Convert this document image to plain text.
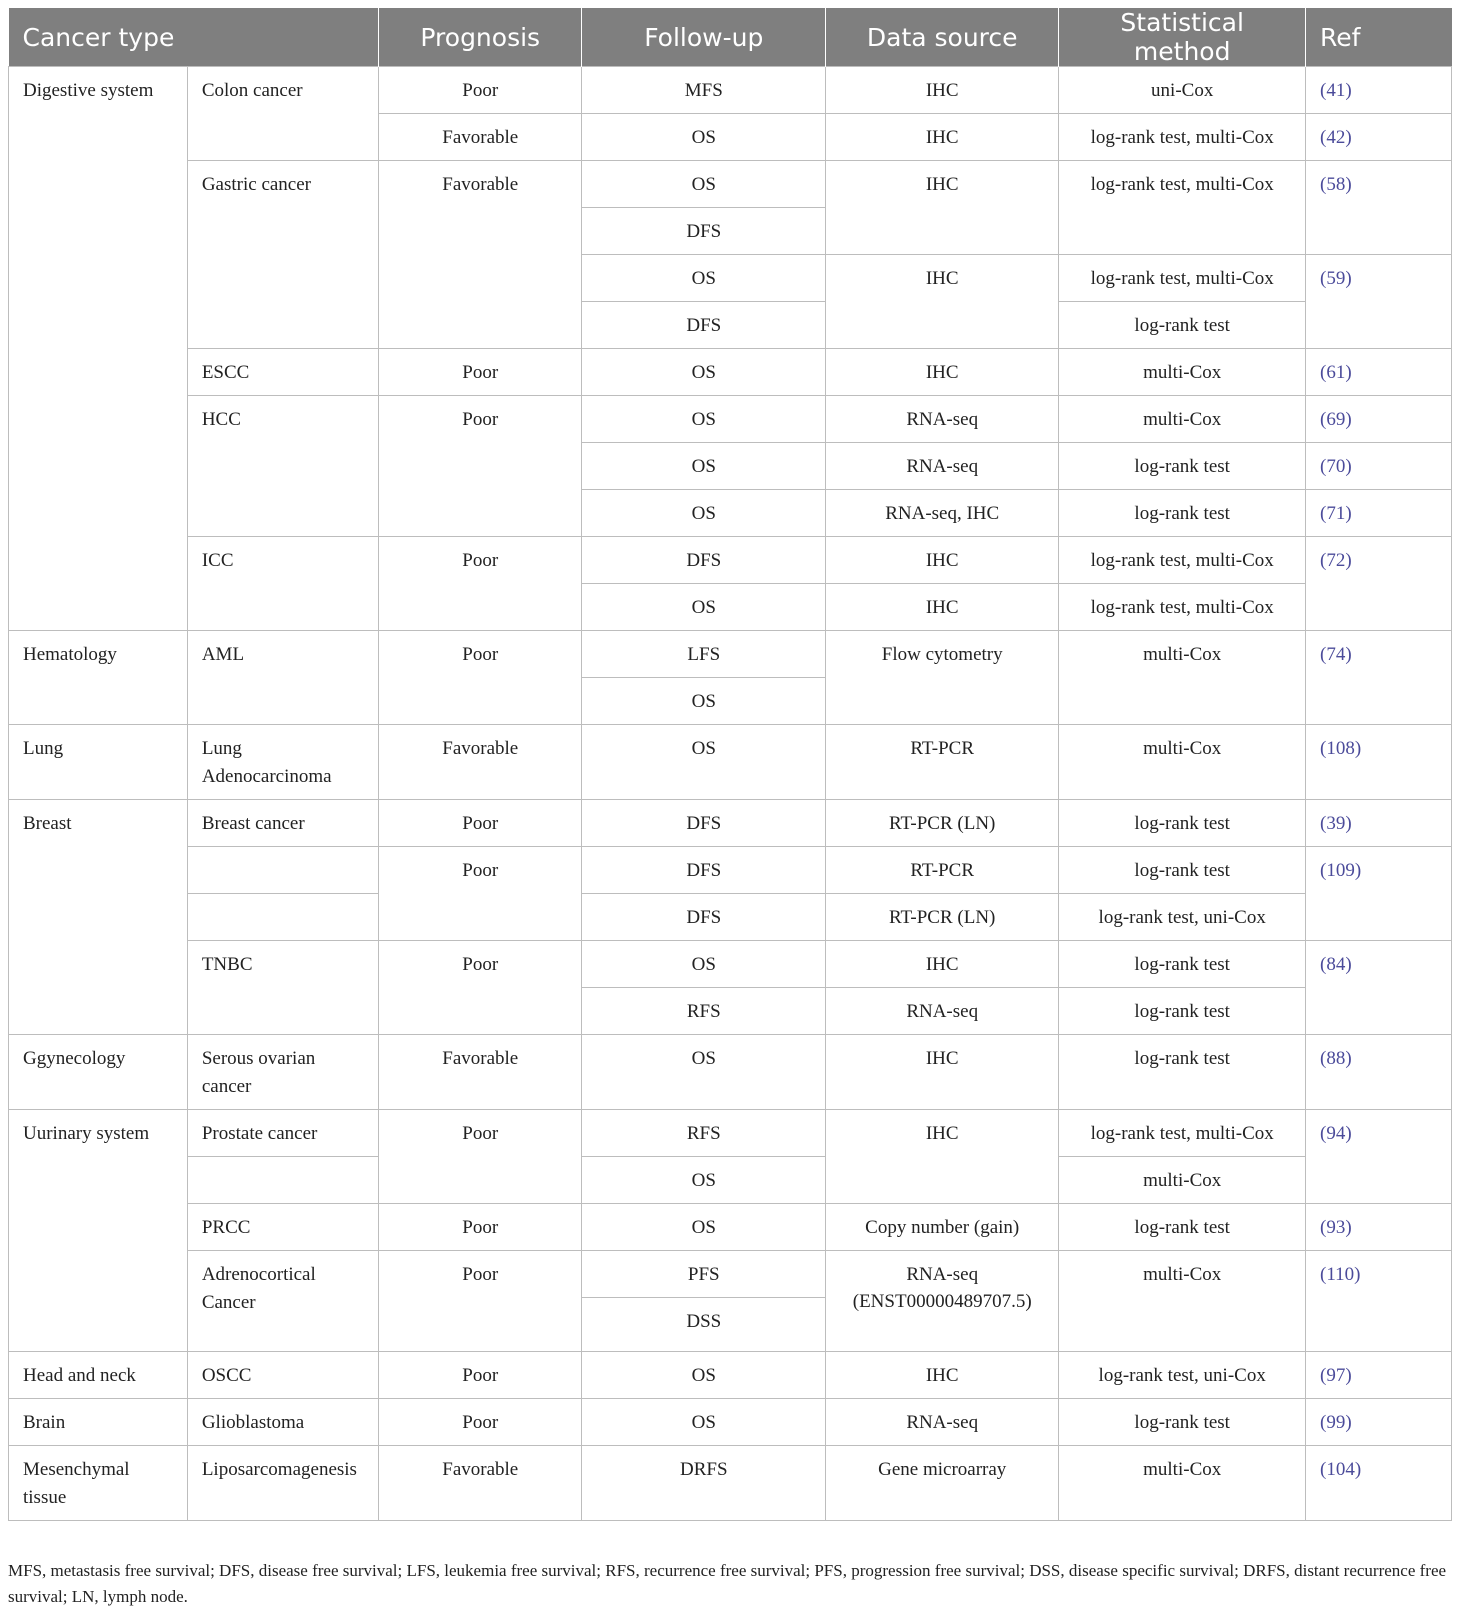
Cancer type		Prognosis	Follow-up	Data source	Statistical method	Ref

Digestive system	Colon cancer	Poor	MFS	IHC	uni-Cox	(41)

		Favorable	OS	IHC	log-rank test, multi-Cox	(42)

	Gastric cancer	Favorable	OS	IHC	log-rank test, multi-Cox	(58)

			DFS			

			OS	IHC	log-rank test, multi-Cox	(59)

			DFS		log-rank test	

	ESCC	Poor	OS	IHC	multi-Cox	(61)

	HCC	Poor	OS	RNA-seq	multi-Cox	(69)

			OS	RNA-seq	log-rank test	(70)

			OS	RNA-seq, IHC	log-rank test	(71)

	ICC	Poor	DFS	IHC	log-rank test, multi-Cox	(72)

			OS	IHC	log-rank test, multi-Cox	

Hematology	AML	Poor	LFS	Flow cytometry	multi-Cox	(74)

			OS			

Lung	Lung Adenocarcinoma	Favorable	OS	RT-PCR	multi-Cox	(108)

Breast	Breast cancer	Poor	DFS	RT-PCR (LN)	log-rank test	(39)

		Poor	DFS	RT-PCR	log-rank test	(109)

			DFS	RT-PCR (LN)	log-rank test, uni-Cox	

	TNBC	Poor	OS	IHC	log-rank test	(84)

			RFS	RNA-seq	log-rank test	

Ggynecology	Serous ovarian cancer	Favorable	OS	IHC	log-rank test	(88)

Uurinary system	Prostate cancer	Poor	RFS	IHC	log-rank test, multi-Cox	(94)

			OS		multi-Cox	

	PRCC	Poor	OS	Copy number (gain)	log-rank test	(93)

	Adrenocortical Cancer	Poor	PFS	RNA-seq (ENST00000489707.5)	multi-Cox	(110)

			DSS			

Head and neck	OSCC	Poor	OS	IHC	log-rank test, uni-Cox	(97)

Brain	Glioblastoma	Poor	OS	RNA-seq	log-rank test	(99)

Mesenchymal tissue	Liposarcomagenesis	Favorable	DRFS	Gene microarray	multi-Cox	(104)
MFS, metastasis free survival; DFS, disease free survival; LFS, leukemia free survival; RFS, recurrence free survival; PFS, progression free survival; DSS, disease specific survival; DRFS, distant recurrence free survival; LN, lymph node.
